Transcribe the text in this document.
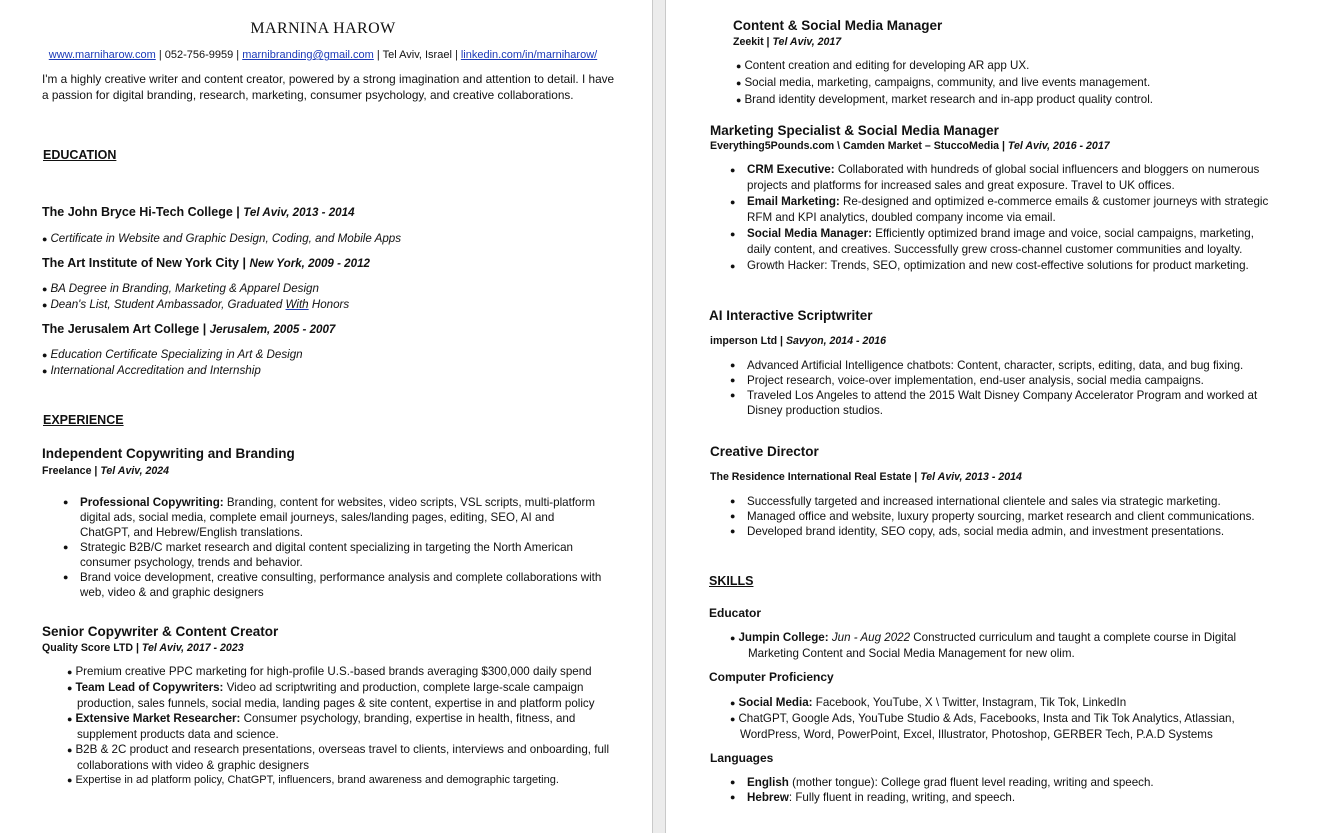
MARNINA HAROW
www.marniharow.com | 052-756-9959 | marnibranding@gmail.com | Tel Aviv, Israel | linkedin.com/in/marniharow/
I'm a highly creative writer and content creator, powered by a strong imagination and attention to detail. I have a passion for digital branding, research, marketing, consumer psychology, and creative collaborations.
EDUCATION
The John Bryce Hi-Tech College | Tel Aviv, 2013 - 2014
● Certificate in Website and Graphic Design, Coding, and Mobile Apps
The Art Institute of New York City | New York, 2009 - 2012
● BA Degree in Branding, Marketing & Apparel Design
● Dean's List, Student Ambassador, Graduated With Honors
The Jerusalem Art College | Jerusalem, 2005 - 2007
● Education Certificate Specializing in Art & Design
● International Accreditation and Internship
EXPERIENCE
Independent Copywriting and Branding
Freelance | Tel Aviv, 2024
● Professional Copywriting: Branding, content for websites, video scripts, VSL scripts, multi-platform digital ads, social media, complete email journeys, sales/landing pages, editing, SEO, AI and ChatGPT, and Hebrew/English translations.
● Strategic B2B/C market research and digital content specializing in targeting the North American consumer psychology, trends and behavior.
● Brand voice development, creative consulting, performance analysis and complete collaborations with web, video & and graphic designers
Senior Copywriter & Content Creator
Quality Score LTD | Tel Aviv, 2017 - 2023
● Premium creative PPC marketing for high-profile U.S.-based brands averaging $300,000 daily spend
● Team Lead of Copywriters: Video ad scriptwriting and production, complete large-scale campaign production, sales funnels, social media, landing pages & site content, expertise in and platform policy
● Extensive Market Researcher: Consumer psychology, branding, expertise in health, fitness, and supplement products data and science.
● B2B & 2C product and research presentations, overseas travel to clients, interviews and onboarding, full collaborations with video & graphic designers
● Expertise in ad platform policy, ChatGPT, influencers, brand awareness and demographic targeting.
Content & Social Media Manager
Zeekit | Tel Aviv, 2017
● Content creation and editing for developing AR app UX.
● Social media, marketing, campaigns, community, and live events management.
● Brand identity development, market research and in-app product quality control.
Marketing Specialist & Social Media Manager
Everything5Pounds.com \ Camden Market – StuccoMedia | Tel Aviv, 2016 - 2017
● CRM Executive: Collaborated with hundreds of global social influencers and bloggers on numerous projects and platforms for increased sales and great exposure. Travel to UK offices.
● Email Marketing: Re-designed and optimized e-commerce emails & customer journeys with strategic RFM and KPI analytics, doubled company income via email.
● Social Media Manager: Efficiently optimized brand image and voice, social campaigns, marketing, daily content, and creatives. Successfully grew cross-channel customer communities and loyalty.
● Growth Hacker: Trends, SEO, optimization and new cost-effective solutions for product marketing.
AI Interactive Scriptwriter
imperson Ltd | Savyon, 2014 - 2016
● Advanced Artificial Intelligence chatbots: Content, character, scripts, editing, data, and bug fixing.
● Project research, voice-over implementation, end-user analysis, social media campaigns.
● Traveled Los Angeles to attend the 2015 Walt Disney Company Accelerator Program and worked at Disney production studios.
Creative Director
The Residence International Real Estate | Tel Aviv, 2013 - 2014
● Successfully targeted and increased international clientele and sales via strategic marketing.
● Managed office and website, luxury property sourcing, market research and client communications.
● Developed brand identity, SEO copy, ads, social media admin, and investment presentations.
SKILLS
Educator
● Jumpin College: Jun - Aug 2022 Constructed curriculum and taught a complete course in Digital Marketing Content and Social Media Management for new olim.
Computer Proficiency
● Social Media: Facebook, YouTube, X \ Twitter, Instagram, Tik Tok, LinkedIn
● ChatGPT, Google Ads, YouTube Studio & Ads, Facebooks, Insta and Tik Tok Analytics, Atlassian, WordPress, Word, PowerPoint, Excel, Illustrator, Photoshop, GERBER Tech, P.A.D Systems
Languages
● English (mother tongue): College grad fluent level reading, writing and speech.
● Hebrew: Fully fluent in reading, writing, and speech.
